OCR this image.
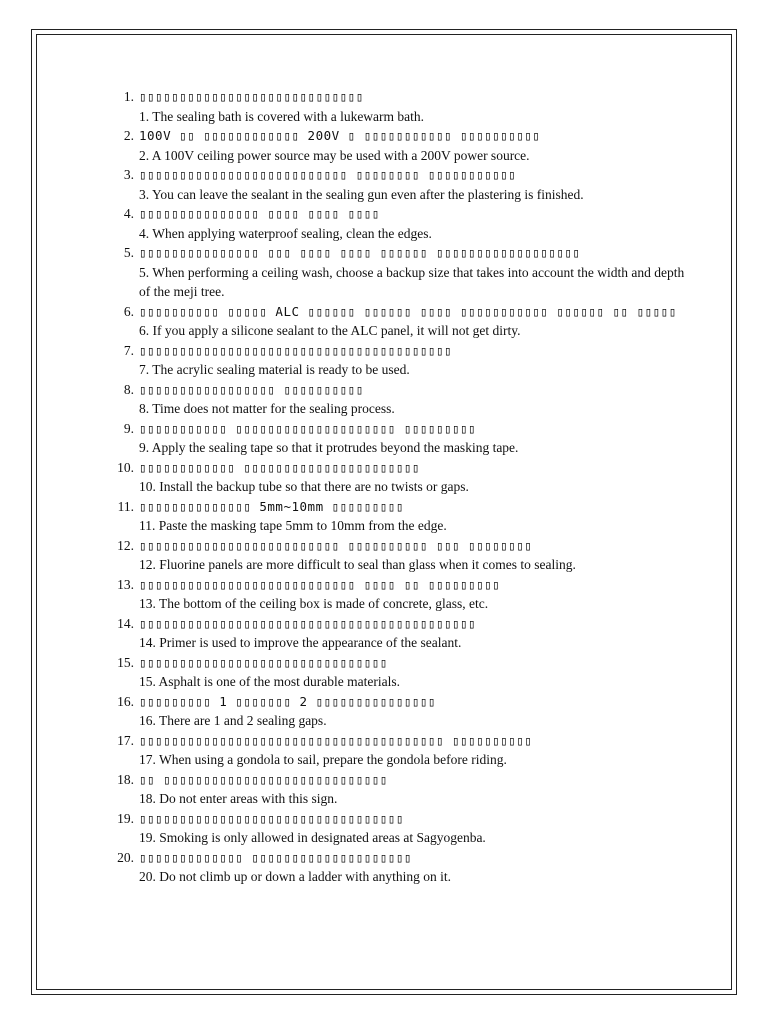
1. ▯▯▯▯▯▯▯▯▯▯▯▯▯▯▯▯▯▯▯▯▯▯▯▯▯▯▯▯
1. The sealing bath is covered with a lukewarm bath.
2. 100V ▯▯ ▯▯▯▯▯▯▯▯▯▯▯▯ 200V ▯ ▯▯▯▯▯▯▯▯▯▯▯ ▯▯▯▯▯▯▯▯▯▯
2. A 100V ceiling power source may be used with a 200V power source.
3. ▯▯▯▯▯▯▯▯▯▯▯▯▯▯▯▯▯▯▯▯▯▯▯▯▯▯ ▯▯▯▯▯▯▯▯ ▯▯▯▯▯▯▯▯▯▯▯
3. You can leave the sealant in the sealing gun even after the plastering is finished.
4. ▯▯▯▯▯▯▯▯▯▯▯▯▯▯▯ ▯▯▯▯ ▯▯▯▯ ▯▯▯▯
4. When applying waterproof sealing, clean the edges.
5. ▯▯▯▯▯▯▯▯▯▯▯▯▯▯▯ ▯▯▯ ▯▯▯▯ ▯▯▯▯ ▯▯▯▯▯▯ ▯▯▯▯▯▯▯▯▯▯▯▯▯▯▯▯▯▯
5. When performing a ceiling wash, choose a backup size that takes into account the width and depth of the meji tree.
6. ▯▯▯▯▯▯▯▯▯▯ ▯▯▯▯▯ ALC ▯▯▯▯▯▯ ▯▯▯▯▯▯ ▯▯▯▯ ▯▯▯▯▯▯▯▯▯▯▯ ▯▯▯▯▯▯ ▯▯ ▯▯▯▯▯
6. If you apply a silicone sealant to the ALC panel, it will not get dirty.
7. ▯▯▯▯▯▯▯▯▯▯▯▯▯▯▯▯▯▯▯▯▯▯▯▯▯▯▯▯▯▯▯▯▯▯▯▯▯▯▯
7. The acrylic sealing material is ready to be used.
8. ▯▯▯▯▯▯▯▯▯▯▯▯▯▯▯▯▯ ▯▯▯▯▯▯▯▯▯▯
8. Time does not matter for the sealing process.
9. ▯▯▯▯▯▯▯▯▯▯▯ ▯▯▯▯▯▯▯▯▯▯▯▯▯▯▯▯▯▯▯▯ ▯▯▯▯▯▯▯▯▯
9. Apply the sealing tape so that it protrudes beyond the masking tape.
10. ▯▯▯▯▯▯▯▯▯▯▯▯ ▯▯▯▯▯▯▯▯▯▯▯▯▯▯▯▯▯▯▯▯▯▯
10. Install the backup tube so that there are no twists or gaps.
11. ▯▯▯▯▯▯▯▯▯▯▯▯▯▯ 5mm~10mm ▯▯▯▯▯▯▯▯▯
11. Paste the masking tape 5mm to 10mm from the edge.
12. ▯▯▯▯▯▯▯▯▯▯▯▯▯▯▯▯▯▯▯▯▯▯▯▯▯ ▯▯▯▯▯▯▯▯▯▯ ▯▯▯ ▯▯▯▯▯▯▯▯
12. Fluorine panels are more difficult to seal than glass when it comes to sealing.
13. ▯▯▯▯▯▯▯▯▯▯▯▯▯▯▯▯▯▯▯▯▯▯▯▯▯▯▯ ▯▯▯▯ ▯▯ ▯▯▯▯▯▯▯▯▯
13. The bottom of the ceiling box is made of concrete, glass, etc.
14. ▯▯▯▯▯▯▯▯▯▯▯▯▯▯▯▯▯▯▯▯▯▯▯▯▯▯▯▯▯▯▯▯▯▯▯▯▯▯▯▯▯▯
14. Primer is used to improve the appearance of the sealant.
15. ▯▯▯▯▯▯▯▯▯▯▯▯▯▯▯▯▯▯▯▯▯▯▯▯▯▯▯▯▯▯▯
15. Asphalt is one of the most durable materials.
16. ▯▯▯▯▯▯▯▯▯ 1 ▯▯▯▯▯▯▯ 2 ▯▯▯▯▯▯▯▯▯▯▯▯▯▯▯
16. There are 1 and 2 sealing gaps.
17. ▯▯▯▯▯▯▯▯▯▯▯▯▯▯▯▯▯▯▯▯▯▯▯▯▯▯▯▯▯▯▯▯▯▯▯▯▯▯ ▯▯▯▯▯▯▯▯▯▯
17. When using a gondola to sail, prepare the gondola before riding.
18. ▯▯ ▯▯▯▯▯▯▯▯▯▯▯▯▯▯▯▯▯▯▯▯▯▯▯▯▯▯▯▯
18. Do not enter areas with this sign.
19. ▯▯▯▯▯▯▯▯▯▯▯▯▯▯▯▯▯▯▯▯▯▯▯▯▯▯▯▯▯▯▯▯▯
19. Smoking is only allowed in designated areas at Sagyogenba.
20. ▯▯▯▯▯▯▯▯▯▯▯▯▯ ▯▯▯▯▯▯▯▯▯▯▯▯▯▯▯▯▯▯▯▯
20. Do not climb up or down a ladder with anything on it.
